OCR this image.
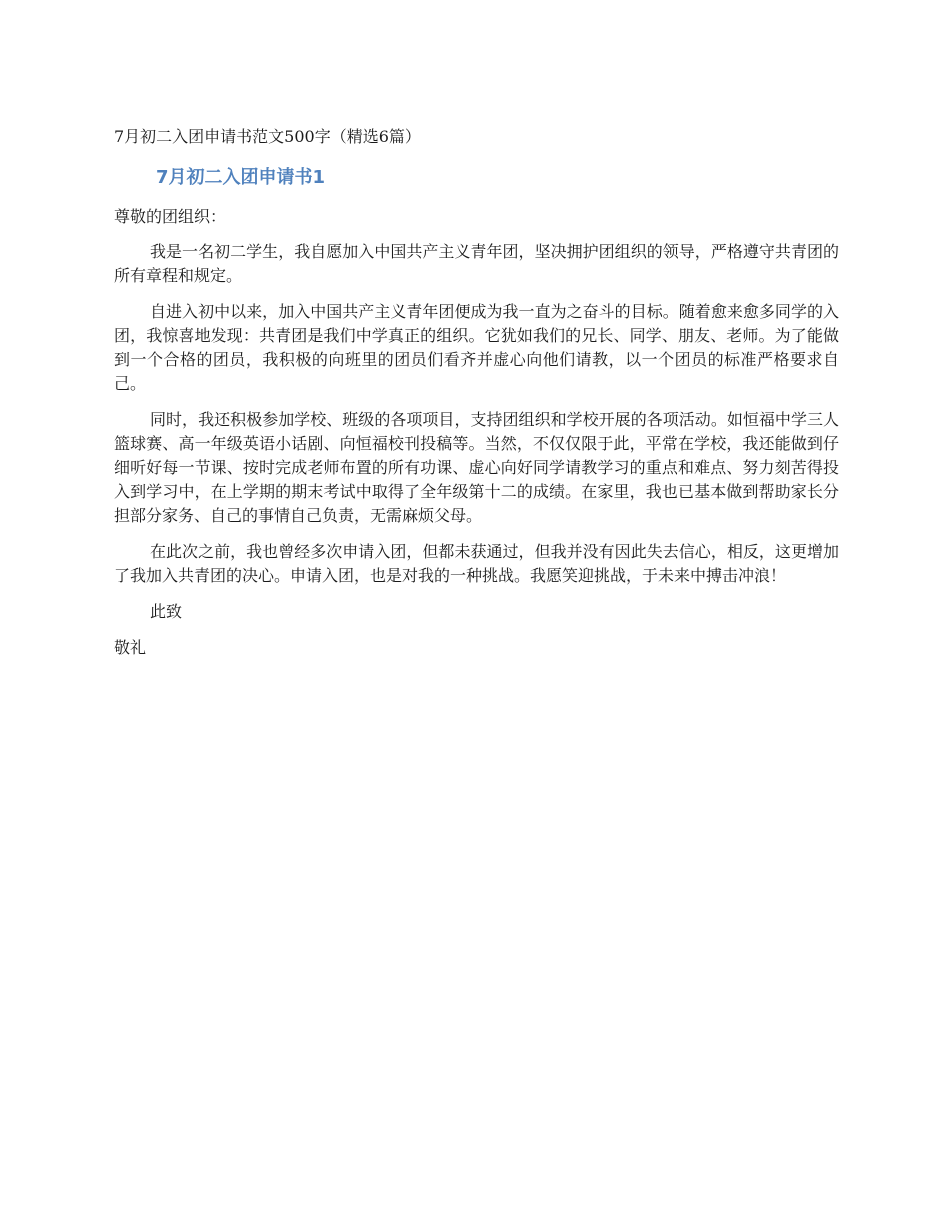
7月初二入团申请书范文500字（精选6篇）
7月初二入团申请书1

尊敬的团组织：

我是一名初二学生，我自愿加入中国共产主义青年团，坚决拥护团组织的领导，严格遵守共青团的所有章程和规定。

自进入初中以来，加入中国共产主义青年团便成为我一直为之奋斗的目标。随着愈来愈多同学的入团，我惊喜地发现：共青团是我们中学真正的组织。它犹如我们的兄长、同学、朋友、老师。为了能做到一个合格的团员，我积极的向班里的团员们看齐并虚心向他们请教，以一个团员的标准严格要求自己。

同时，我还积极参加学校、班级的各项项目，支持团组织和学校开展的各项活动。如恒福中学三人篮球赛、高一年级英语小话剧、向恒福校刊投稿等。当然，不仅仅限于此，平常在学校，我还能做到仔细听好每一节课、按时完成老师布置的所有功课、虚心向好同学请教学习的重点和难点、努力刻苦得投入到学习中，在上学期的期末考试中取得了全年级第十二的成绩。在家里，我也已基本做到帮助家长分担部分家务、自己的事情自己负责，无需麻烦父母。

在此次之前，我也曾经多次申请入团，但都未获通过，但我并没有因此失去信心，相反，这更增加了我加入共青团的决心。申请入团，也是对我的一种挑战。我愿笑迎挑战，于未来中搏击冲浪！

此致

敬礼
